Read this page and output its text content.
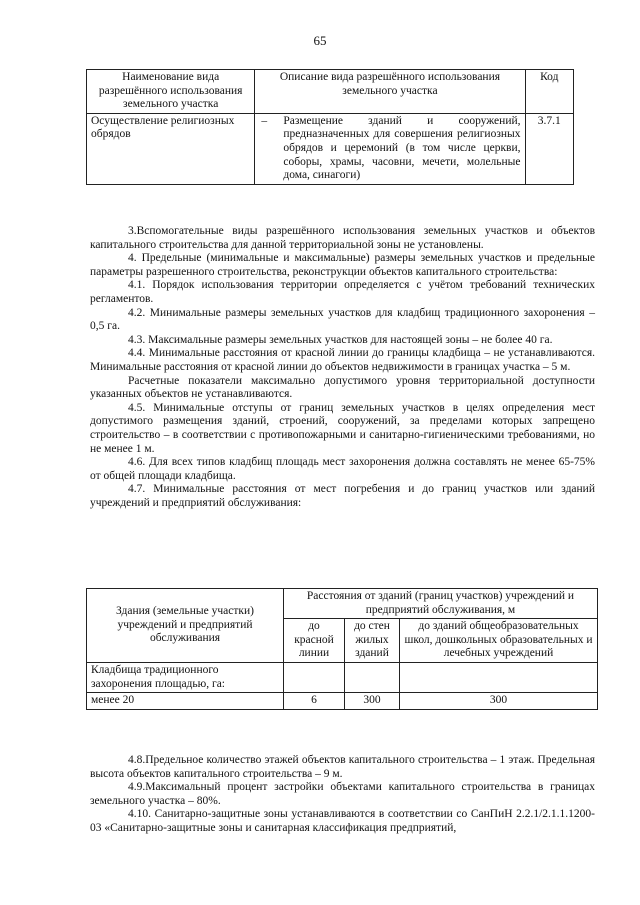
65
Наименование вида разрешённого использования земельного участка	Описание вида разрешённого использования земельного участка	Код
Осуществление религиозных обрядов	– Размещение зданий и сооружений, предназначенных для совершения религиозных обрядов и церемоний (в том числе церкви, соборы, храмы, часовни, мечети, молельные дома, синагоги)	3.7.1

3.Вспомогательные виды разрешённого использования земельных участков и объектов капитального строительства для данной территориальной зоны не установлены.

4. Предельные (минимальные и максимальные) размеры земельных участков и предельные параметры разрешенного строительства, реконструкции объектов капитального строительства:

4.1. Порядок использования территории определяется с учётом требований технических регламентов.

4.2. Минимальные размеры земельных участков для кладбищ традиционного захоронения – 0,5 га.

4.3. Максимальные размеры земельных участков для настоящей зоны – не более 40 га.

4.4. Минимальные расстояния от красной линии до границы кладбища – не устанавливаются. Минимальные расстояния от красной линии до объектов недвижимости в границах участка – 5 м.

Расчетные показатели максимально допустимого уровня территориальной доступности указанных объектов не устанавливаются.

4.5. Минимальные отступы от границ земельных участков в целях определения мест допустимого размещения зданий, строений, сооружений, за пределами которых запрещено строительство – в соответствии с противопожарными и санитарно-гигиеническими требованиями, но не менее 1 м.

4.6. Для всех типов кладбищ площадь мест захоронения должна составлять не менее 65-75% от общей площади кладбища.

4.7. Минимальные расстояния от мест погребения и до границ участков или зданий учреждений и предприятий обслуживания:

Здания (земельные участки) учреждений и предприятий обслуживания	Расстояния от зданий (границ участков) учреждений и предприятий обслуживания, м		
	до красной линии	до стен жилых зданий	до зданий общеобразовательных школ, дошкольных образовательных и лечебных учреждений
Кладбища традиционного захоронения площадью, га:			
менее 20	6	300	300

4.8.Предельное количество этажей объектов капитального строительства – 1 этаж. Предельная высота объектов капитального строительства – 9 м.

4.9.Максимальный процент застройки объектами капитального строительства в границах земельного участка – 80%.

4.10. Санитарно-защитные зоны устанавливаются в соответствии со СанПиН 2.2.1/2.1.1.1200-03 «Санитарно-защитные зоны и санитарная классификация предприятий,
